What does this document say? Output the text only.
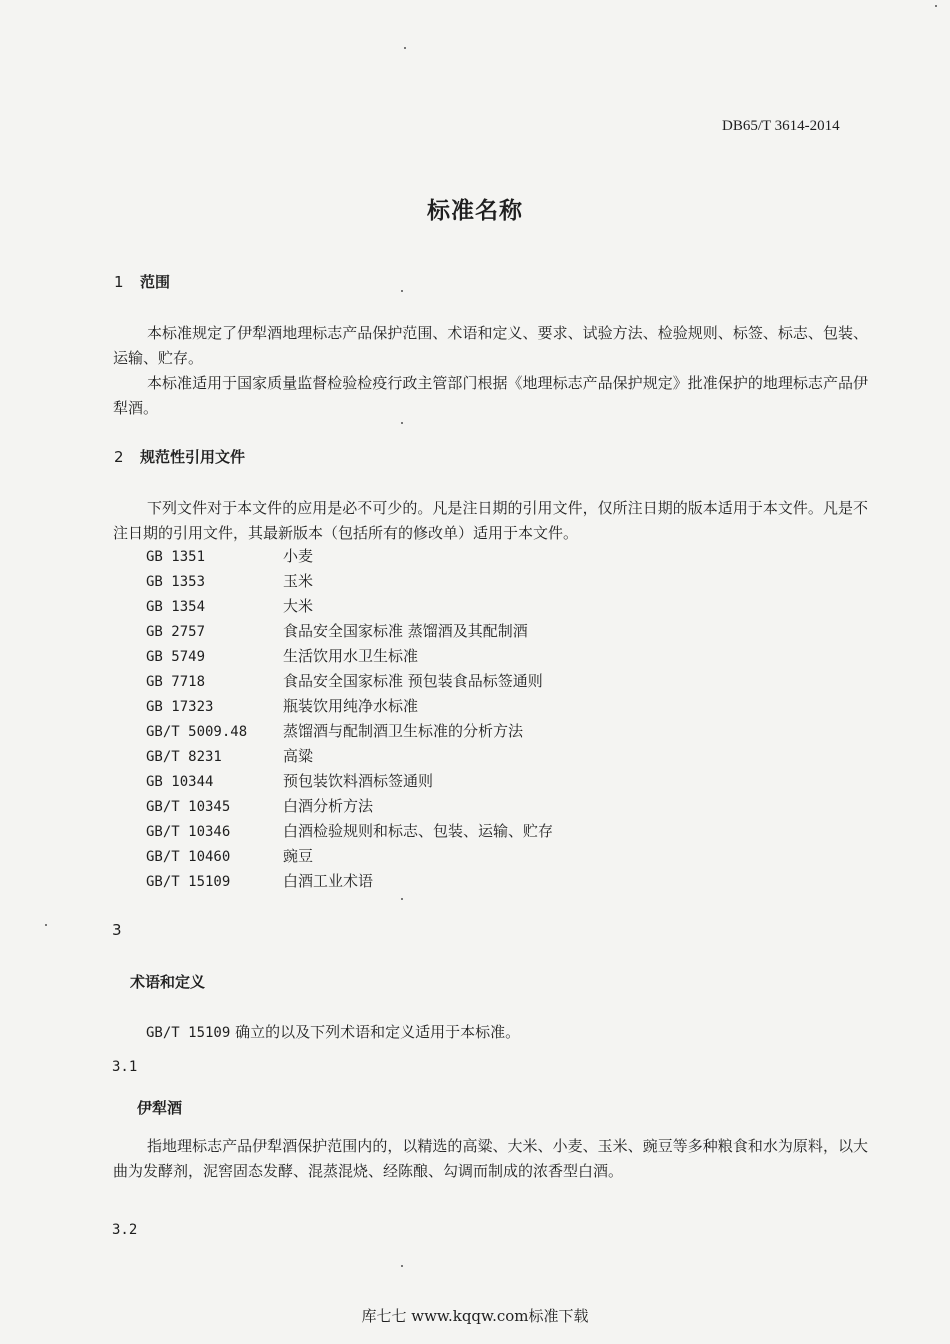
DB65/T 3614-2014
标准名称
1 范围
本标准规定了伊犁酒地理标志产品保护范围、术语和定义、要求、试验方法、检验规则、标签、标志、包装、运输、贮存。
本标准适用于国家质量监督检验检疫行政主管部门根据《地理标志产品保护规定》批准保护的地理标志产品伊犁酒。
2 规范性引用文件
下列文件对于本文件的应用是必不可少的。凡是注日期的引用文件，仅所注日期的版本适用于本文件。凡是不注日期的引用文件，其最新版本（包括所有的修改单）适用于本文件。
GB 1351	小麦
GB 1353	玉米
GB 1354	大米
GB 2757	食品安全国家标准 蒸馏酒及其配制酒
GB 5749	生活饮用水卫生标准
GB 7718	食品安全国家标准 预包装食品标签通则
GB 17323	瓶装饮用纯净水标准
GB/T 5009.48 蒸馏酒与配制酒卫生标准的分析方法
GB/T 8231	高粱
GB 10344	预包装饮料酒标签通则
GB/T 10345	白酒分析方法
GB/T 10346	白酒检验规则和标志、包装、运输、贮存
GB/T 10460	豌豆
GB/T 15109	白酒工业术语
3
术语和定义
GB/T 15109 确立的以及下列术语和定义适用于本标准。
3.1
伊犁酒
指地理标志产品伊犁酒保护范围内的，以精选的高粱、大米、小麦、玉米、豌豆等多种粮食和水为原料，以大曲为发酵剂，泥窖固态发酵、混蒸混烧、经陈酿、勾调而制成的浓香型白酒。
3.2
库七七 www.kqqw.com标准下载
